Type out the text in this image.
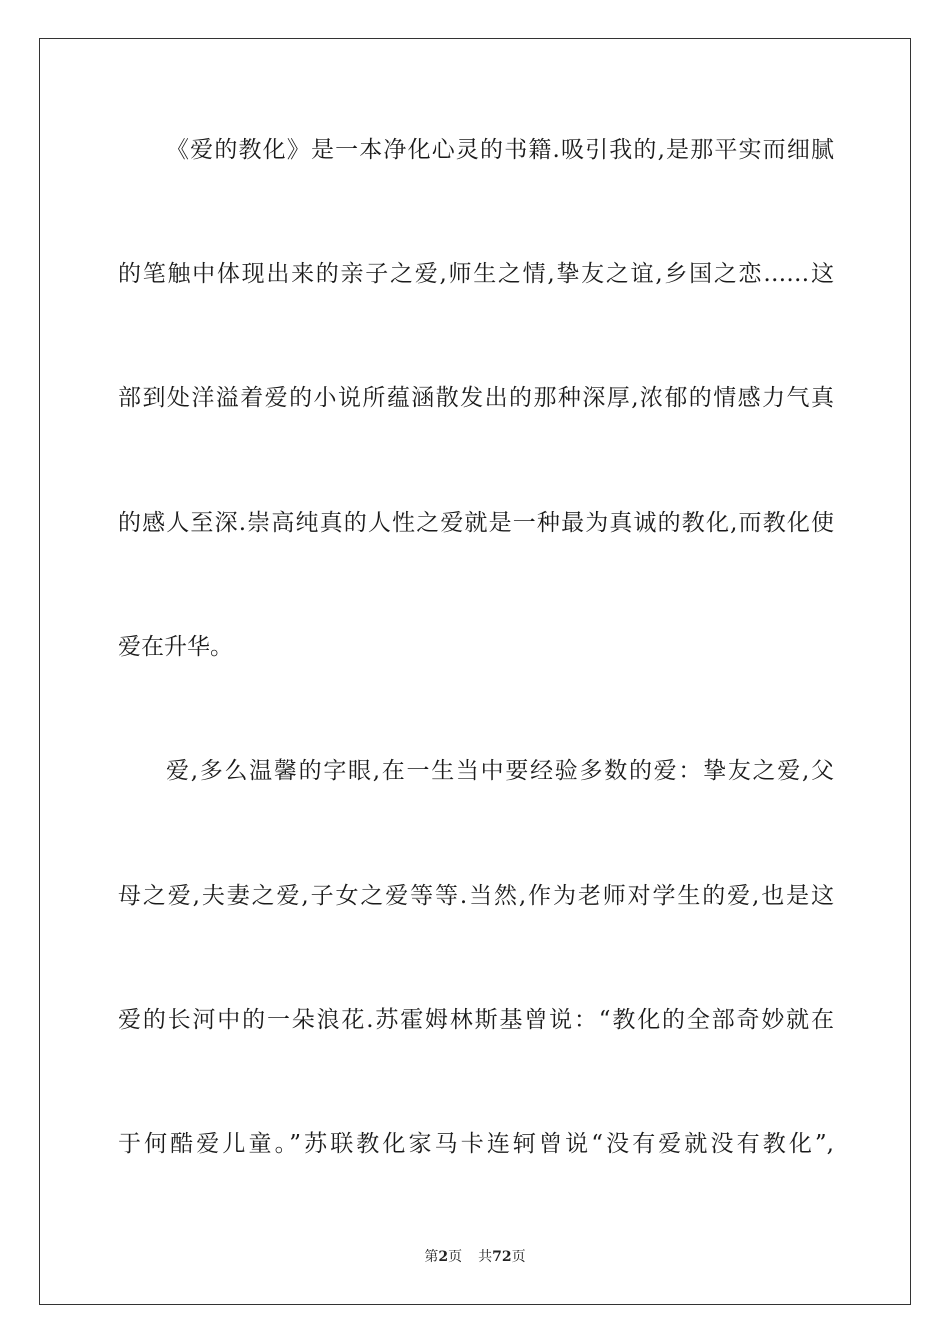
《爱的教化》是一本净化心灵的书籍.吸引我的,是那平实而细腻
的笔触中体现出来的亲子之爱,师生之情,挚友之谊,乡国之恋……这
部到处洋溢着爱的小说所蕴涵散发出的那种深厚,浓郁的情感力气真
的感人至深.崇高纯真的人性之爱就是一种最为真诚的教化,而教化使
爱在升华。
爱,多么温馨的字眼,在一生当中要经验多数的爱：挚友之爱,父
母之爱,夫妻之爱,子女之爱等等.当然,作为老师对学生的爱,也是这
爱的长河中的一朵浪花.苏霍姆林斯基曾说：“教化的全部奇妙就在
于何酷爱儿童。”苏联教化家马卡连轲曾说“没有爱就没有教化”,
第2页 共72页
